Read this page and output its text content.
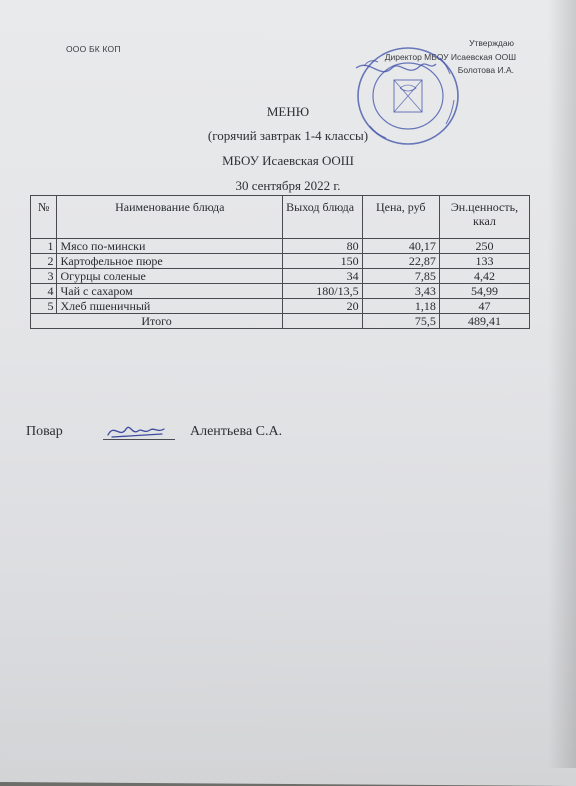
ООО БК КОП
Утверждаю
Директор МБОУ Исаевская ООШ
Болотова И.А.
МЕНЮ
(горячий завтрак 1-4 классы)
МБОУ Исаевская ООШ
30 сентября 2022 г.
№	Наименование блюда	Выход блюда	Цена, руб	Эн.ценность, ккал
1	Мясо по-мински	80	40,17	250
2	Картофельное пюре	150	22,87	133
3	Огурцы соленые	34	7,85	4,42
4	Чай с сахаром	180/13,5	3,43	54,99
5	Хлеб пшеничный	20	1,18	47
Итого			75,5	489,41
Повар	Алентьева С.А.
